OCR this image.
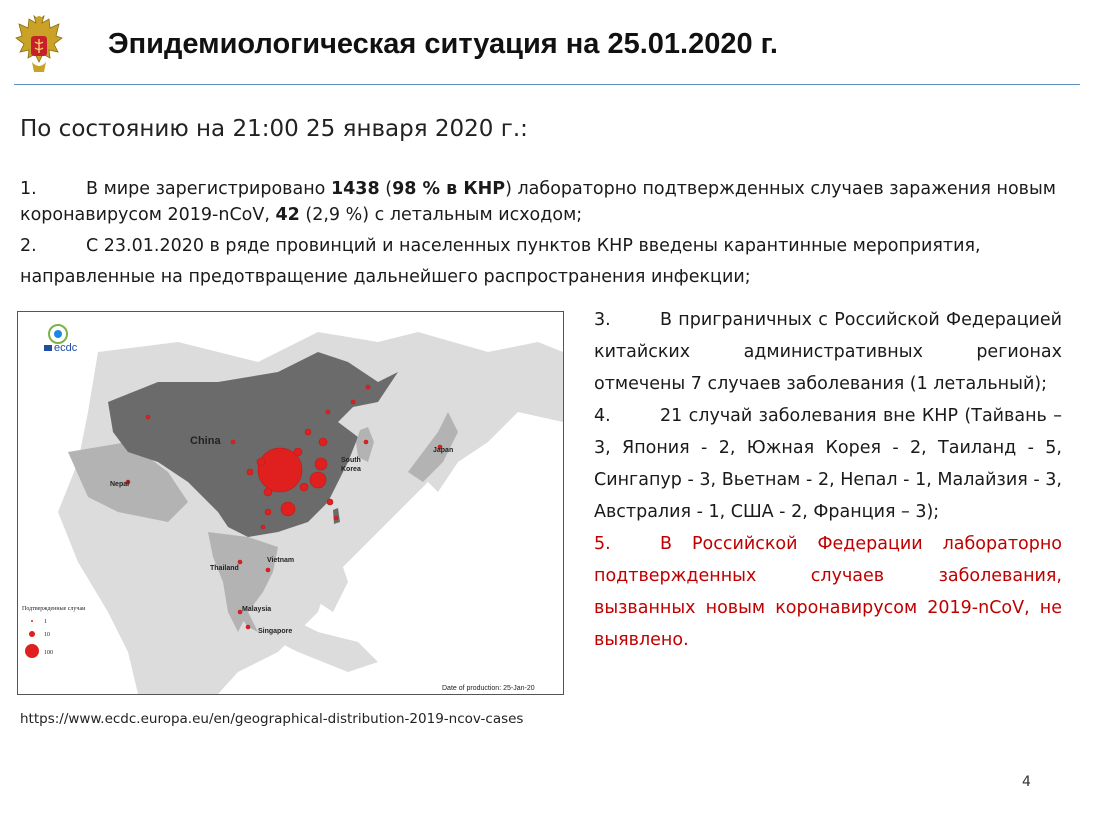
Эпидемиологическая ситуация на 25.01.2020 г.
По состоянию на 21:00 25 января 2020 г.:
1.	В мире зарегистрировано 1438 (98 % в КНР) лабораторно подтвержденных случаев заражения новым коронавирусом 2019-nCoV, 42 (2,9 %) с летальным исходом;
2.	С 23.01.2020 в ряде провинций и населенных пунктов КНР введены карантинные мероприятия, направленные на предотвращение дальнейшего распространения инфекции;
ecdc
China
Nepal
South
Korea
Japan
Thailand
Vietnam
Malaysia
Singapore
Подтвержденные случаи
1
10
100
Date of production: 25-Jan-20
https://www.ecdc.europa.eu/en/geographical-distribution-2019-ncov-cases

3.	В приграничных с Российской Федерацией китайских административных регионах отмечены 7 случаев заболевания (1 летальный);

4.	21 случай заболевания вне КНР (Тайвань – 3, Япония - 2, Южная Корея - 2, Таиланд - 5, Сингапур - 3, Вьетнам - 2, Непал - 1, Малайзия - 3, Австралия - 1, США - 2, Франция – 3);

5.	В Российской Федерации лабораторно подтвержденных случаев заболевания, вызванных новым коронавирусом 2019-nCoV, не выявлено.

4
